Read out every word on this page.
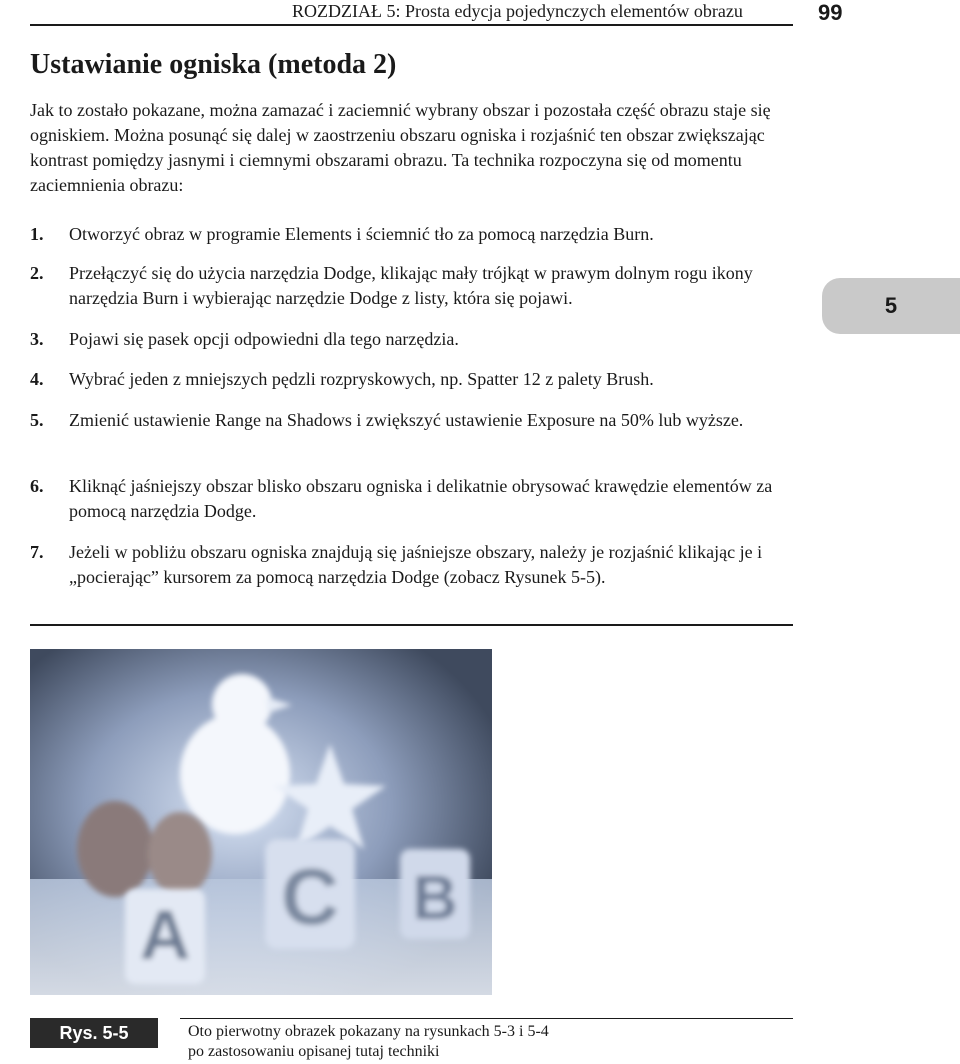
ROZDZIAŁ 5: Prosta edycja pojedynczych elementów obrazu	99
Ustawianie ogniska (metoda 2)

Jak to zostało pokazane, można zamazać i zaciemnić wybrany obszar i pozostała część obrazu staje się ogniskiem. Można posunąć się dalej w zaostrzeniu obszaru ogniska i rozjaśnić ten obszar zwiększając kontrast pomiędzy jasnymi i ciemnymi obszarami obrazu. Ta technika rozpoczyna się od momentu zaciemnienia obrazu:

1.	Otworzyć obraz w programie Elements i ściemnić tło za pomocą narzędzia Burn.
2.	Przełączyć się do użycia narzędzia Dodge, klikając mały trójkąt w prawym dolnym rogu ikony narzędzia Burn i wybierając narzędzie Dodge z listy, która się pojawi.
3.	Pojawi się pasek opcji odpowiedni dla tego narzędzia.
4.	Wybrać jeden z mniejszych pędzli rozpryskowych, np. Spatter 12 z palety Brush.
5.	Zmienić ustawienie Range na Shadows i zwiększyć ustawienie Exposure na 50% lub wyższe.
6.	Kliknąć jaśniejszy obszar blisko obszaru ogniska i delikatnie obrysować krawędzie elementów za pomocą narzędzia Dodge.
7.	Jeżeli w pobliżu obszaru ogniska znajdują się jaśniejsze obszary, należy je rozjaśnić klikając je i „pocierając” kursorem za pomocą narzędzia Dodge (zobacz Rysunek 5-5).
5
A C B
Rys. 5-5	Oto pierwotny obrazek pokazany na rysunkach 5-3 i 5-4
po zastosowaniu opisanej tutaj techniki
